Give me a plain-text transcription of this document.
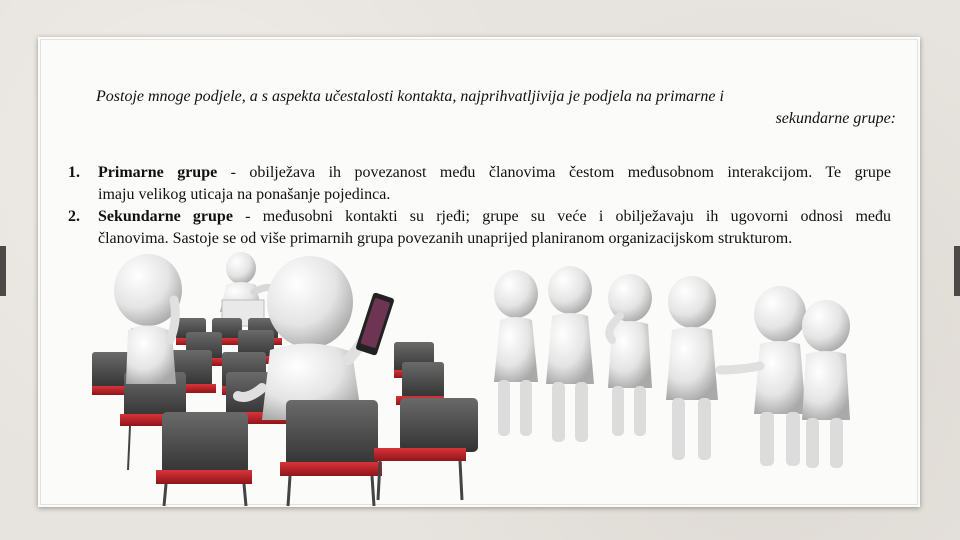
Postoje mnoge podjele, a s aspekta učestalosti kontakta, najprihvatljivija je podjela na primarne i
sekundarne grupe:
1. Primarne grupe - obilježava ih povezanost među članovima čestom međusobnom interakcijom. Te grupe
imaju velikog uticaja na ponašanje pojedinca.
2. Sekundarne grupe - međusobni kontakti su rjeđi; grupe su veće i obilježavaju ih ugovorni odnosi među
članovima. Sastoje se od više primarnih grupa povezanih unaprijed planiranom organizacijskom strukturom.
